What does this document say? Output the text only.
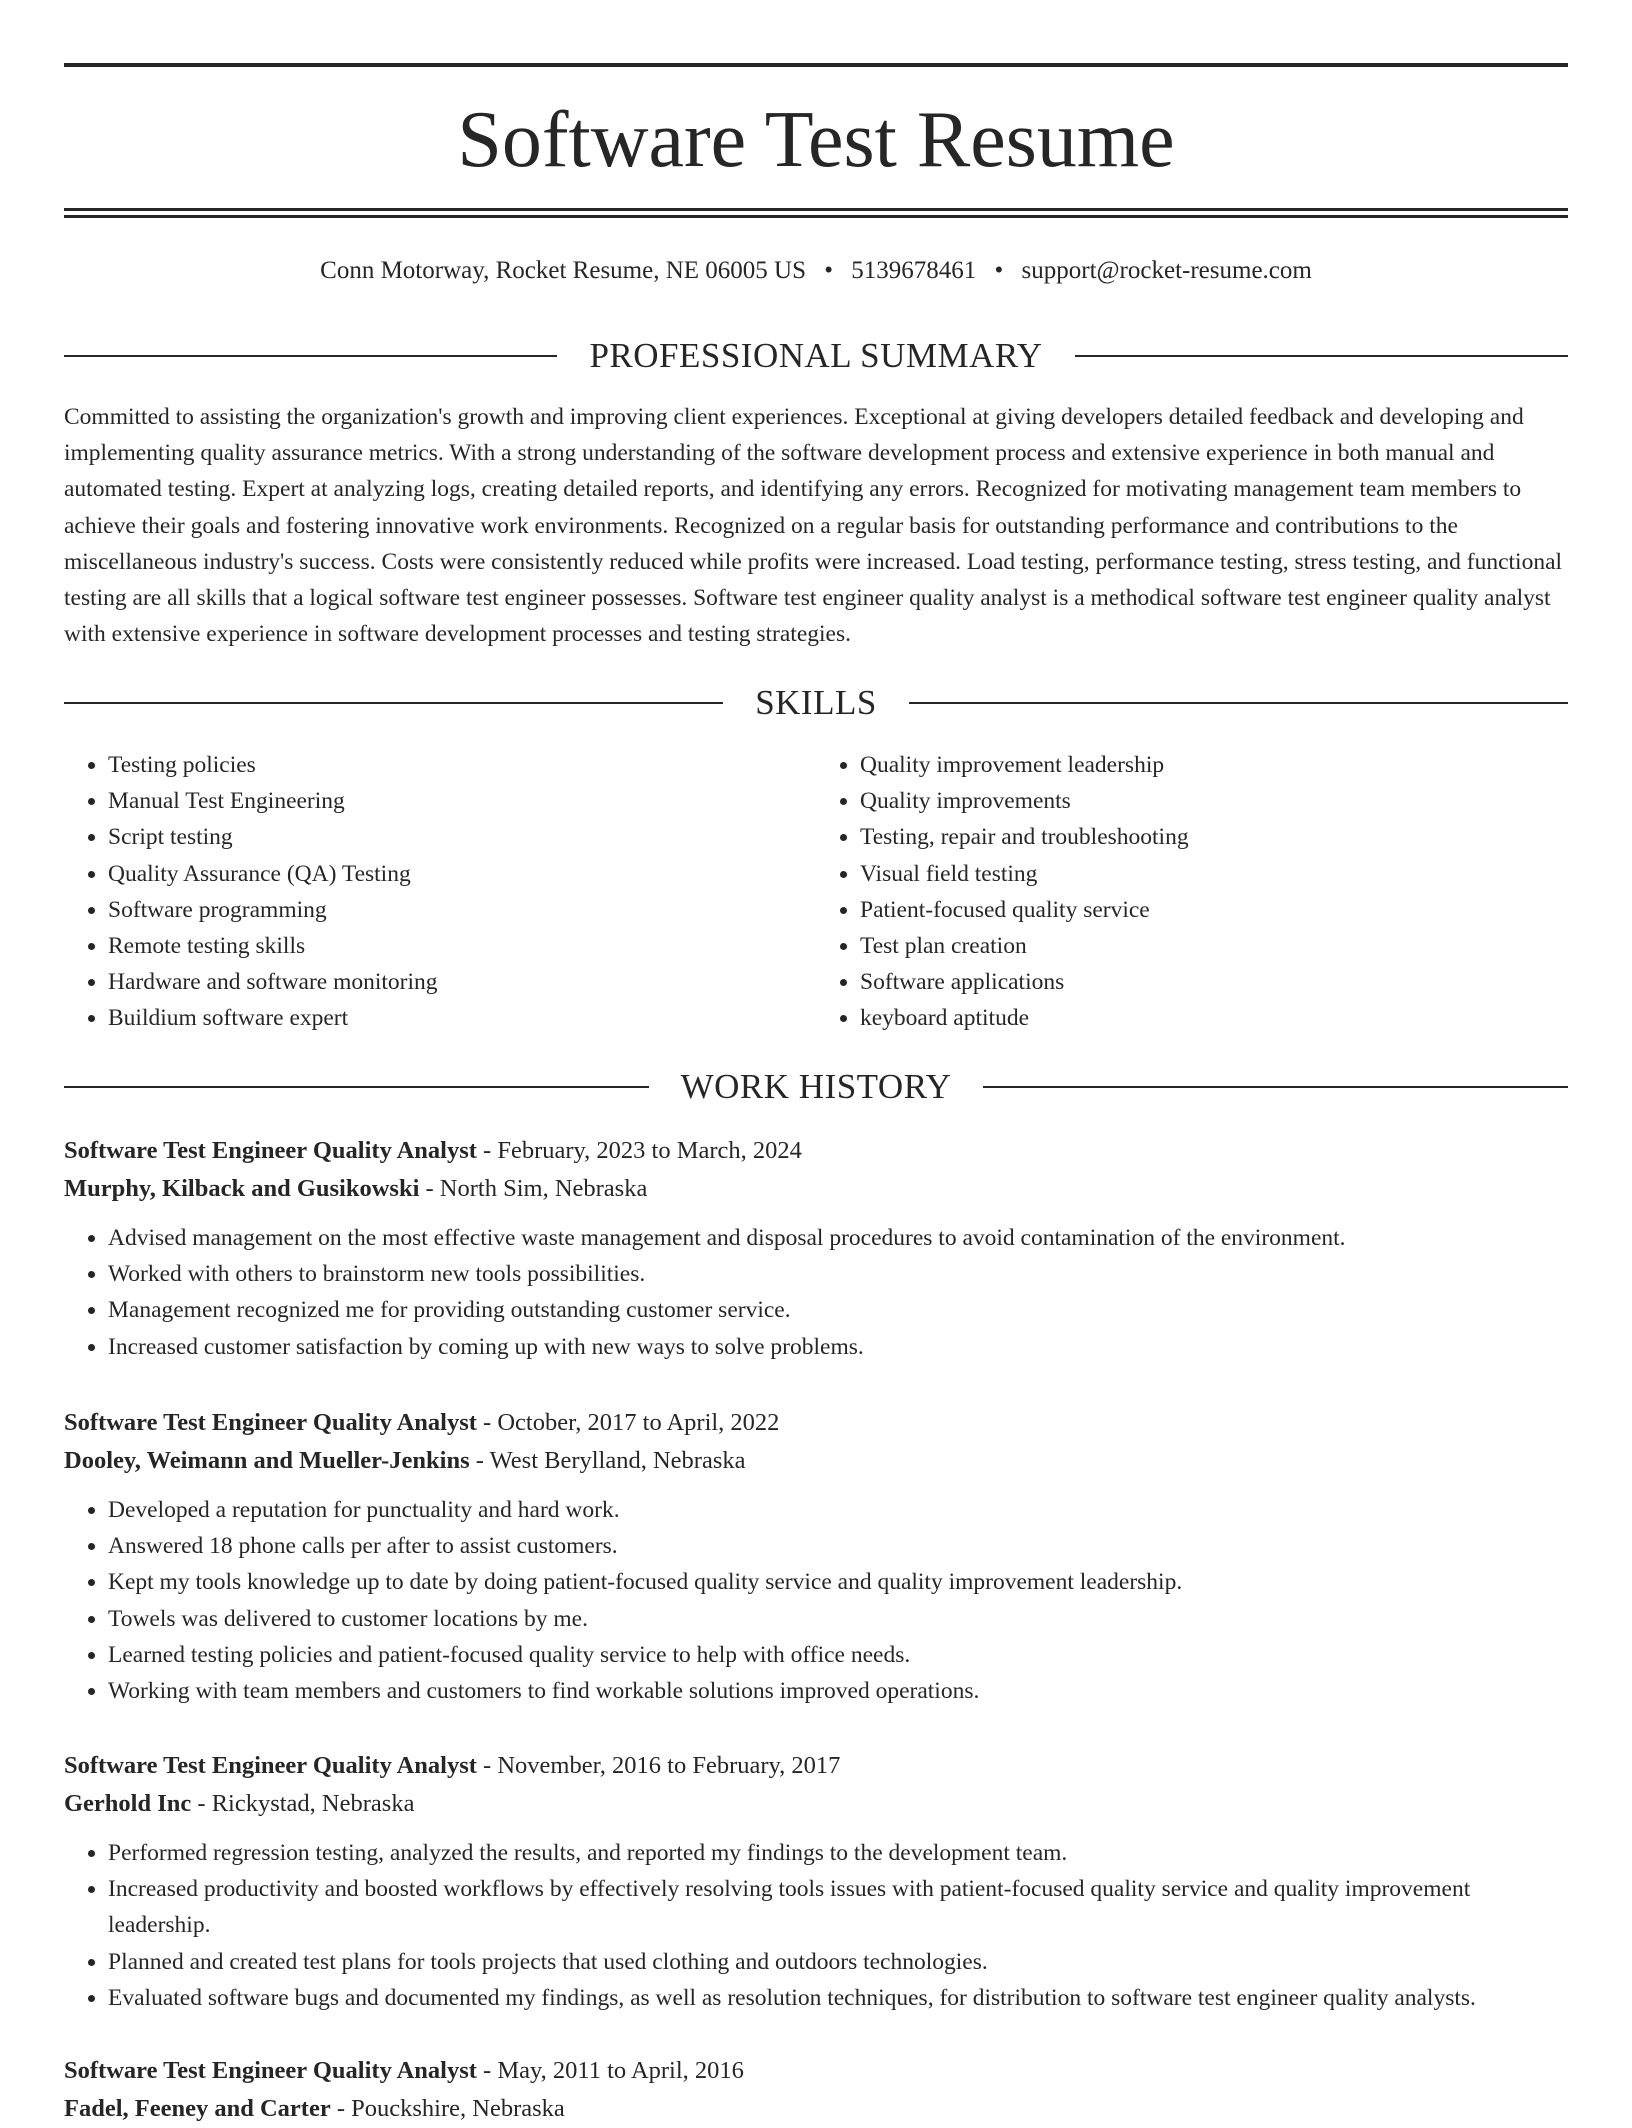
Software Test Resume
Conn Motorway, Rocket Resume, NE 06005 US • 5139678461 • support@rocket-resume.com
PROFESSIONAL SUMMARY

Committed to assisting the organization's growth and improving client experiences. Exceptional at giving developers detailed feedback and developing and implementing quality assurance metrics. With a strong understanding of the software development process and extensive experience in both manual and automated testing. Expert at analyzing logs, creating detailed reports, and identifying any errors. Recognized for motivating management team members to achieve their goals and fostering innovative work environments. Recognized on a regular basis for outstanding performance and contributions to the miscellaneous industry's success. Costs were consistently reduced while profits were increased. Load testing, performance testing, stress testing, and functional testing are all skills that a logical software test engineer possesses. Software test engineer quality analyst is a methodical software test engineer quality analyst with extensive experience in software development processes and testing strategies.

SKILLS
• Testing policies
• Manual Test Engineering
• Script testing
• Quality Assurance (QA) Testing
• Software programming
• Remote testing skills
• Hardware and software monitoring
• Buildium software expert
• Quality improvement leadership
• Quality improvements
• Testing, repair and troubleshooting
• Visual field testing
• Patient-focused quality service
• Test plan creation
• Software applications
• keyboard aptitude
WORK HISTORY
Software Test Engineer Quality Analyst - February, 2023 to March, 2024
Murphy, Kilback and Gusikowski - North Sim, Nebraska
• Advised management on the most effective waste management and disposal procedures to avoid contamination of the environment.
• Worked with others to brainstorm new tools possibilities.
• Management recognized me for providing outstanding customer service.
• Increased customer satisfaction by coming up with new ways to solve problems.
Software Test Engineer Quality Analyst - October, 2017 to April, 2022
Dooley, Weimann and Mueller-Jenkins - West Berylland, Nebraska
• Developed a reputation for punctuality and hard work.
• Answered 18 phone calls per after to assist customers.
• Kept my tools knowledge up to date by doing patient-focused quality service and quality improvement leadership.
• Towels was delivered to customer locations by me.
• Learned testing policies and patient-focused quality service to help with office needs.
• Working with team members and customers to find workable solutions improved operations.
Software Test Engineer Quality Analyst - November, 2016 to February, 2017
Gerhold Inc - Rickystad, Nebraska
• Performed regression testing, analyzed the results, and reported my findings to the development team.
• Increased productivity and boosted workflows by effectively resolving tools issues with patient-focused quality service and quality improvement leadership.
• Planned and created test plans for tools projects that used clothing and outdoors technologies.
• Evaluated software bugs and documented my findings, as well as resolution techniques, for distribution to software test engineer quality analysts.
Software Test Engineer Quality Analyst - May, 2011 to April, 2016
Fadel, Feeney and Carter - Pouckshire, Nebraska
